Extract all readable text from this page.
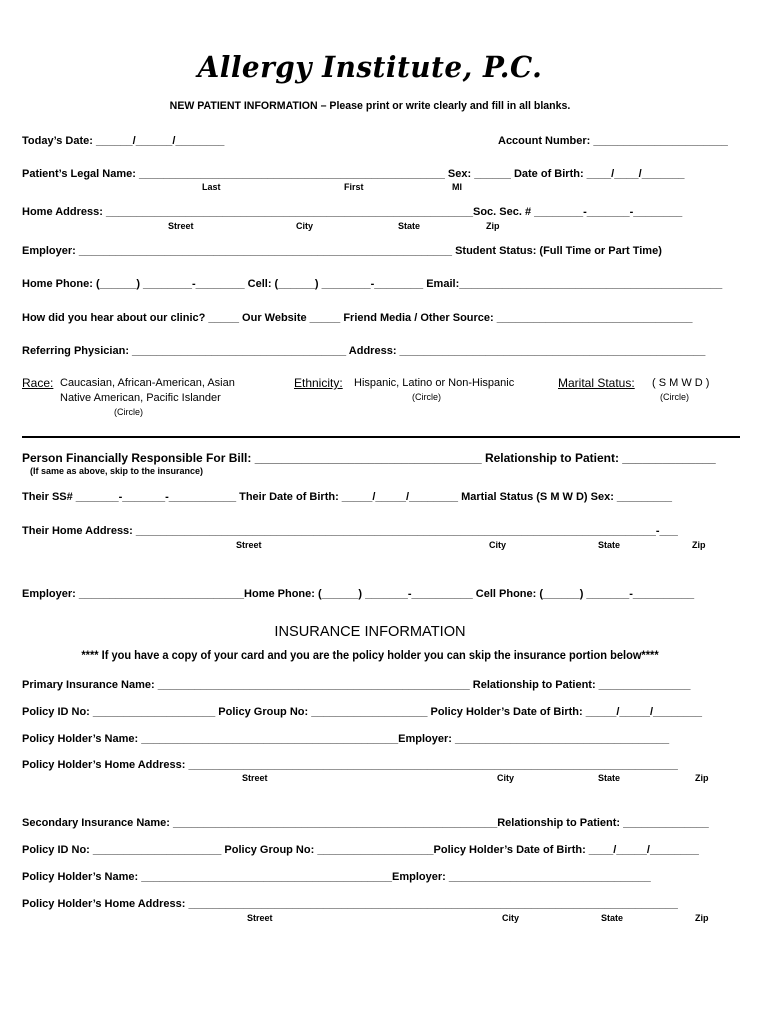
Allergy Institute, P.C.
NEW PATIENT INFORMATION – Please print or write clearly and fill in all blanks.
Today’s Date: ______/______/________	Account Number: ______________________
Patient’s Legal Name: __________________________________________________ Sex: ______ Date of Birth: ____/____/_______
Last	First	MI
Home Address: ____________________________________________________________Soc. Sec. # ________-_______-________
Street	City	State	Zip
Employer: _____________________________________________________________ Student Status: (Full Time or Part Time)
Home Phone: (______) ________-________ Cell: (______) ________-________ Email:___________________________________________
How did you hear about our clinic? _____ Our Website _____ Friend Media / Other Source: ________________________________
Referring Physician: ___________________________________ Address: __________________________________________________
Race: Caucasian, African-American, Asian
Native American, Pacific Islander
(Circle)
Ethnicity: Hispanic, Latino or Non-Hispanic
(Circle)
Marital Status: ( S M W D )
(Circle)
Person Financially Responsible For Bill: __________________________________ Relationship to Patient: ______________
(If same as above, skip to the insurance)
Their SS# _______-_______-___________ Their Date of Birth: _____/_____/________ Martial Status (S M W D) Sex: _________
Their Home Address: _____________________________________________________________________________________-___
Street	City	State	Zip
Employer: ___________________________Home Phone: (______) _______-__________ Cell Phone: (______) _______-__________
INSURANCE INFORMATION
**** If you have a copy of your card and you are the policy holder you can skip the insurance portion below****
Primary Insurance Name: ___________________________________________________ Relationship to Patient: _______________
Policy ID No: ____________________ Policy Group No: ___________________ Policy Holder’s Date of Birth: _____/_____/________
Policy Holder’s Name: __________________________________________Employer: ___________________________________
Policy Holder’s Home Address: ________________________________________________________________________________
Street	City	State	Zip
Secondary Insurance Name: _____________________________________________________Relationship to Patient: ______________
Policy ID No: _____________________ Policy Group No: ___________________Policy Holder’s Date of Birth: ____/_____/________
Policy Holder’s Name: _________________________________________Employer: _________________________________
Policy Holder’s Home Address: ________________________________________________________________________________
Street	City	State	Zip
